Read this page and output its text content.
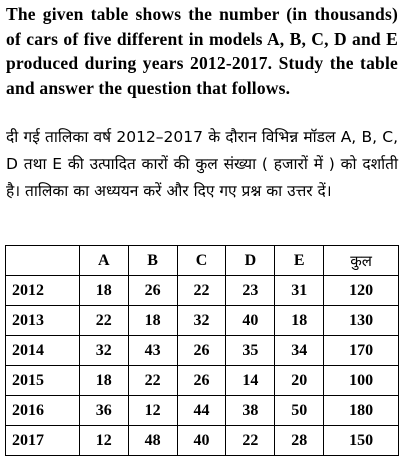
The given table shows the number (in thousands) of cars of five different in models A, B, C, D and E produced during years 2012-2017. Study the table and answer the question that follows.
दी गई तालिका वर्ष 2012–2017 के दौरान विभिन्न मॉडल A, B, C, D तथा E की उत्पादित कारों की कुल संख्या ( हजारों में ) को दर्शाती है। तालिका का अध्ययन करें और दिए गए प्रश्न का उत्तर दें।
	A	B	C	D	E	कुल
2012	18	26	22	23	31	120
2013	22	18	32	40	18	130
2014	32	43	26	35	34	170
2015	18	22	26	14	20	100
2016	36	12	44	38	50	180
2017	12	48	40	22	28	150
